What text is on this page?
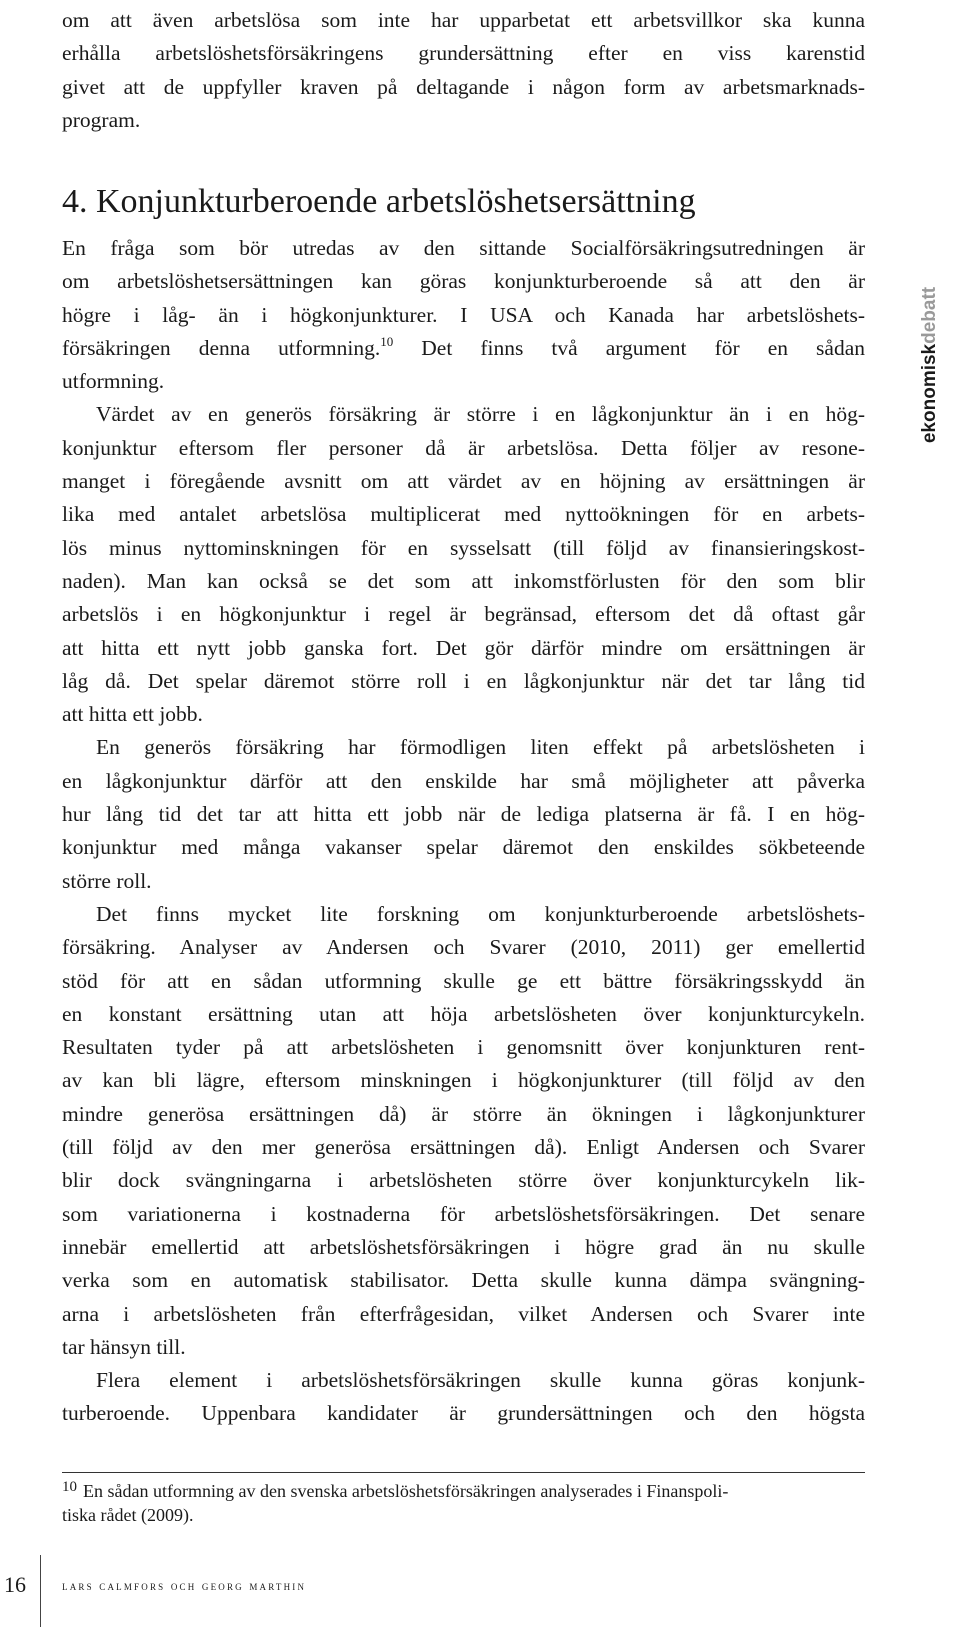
om att även arbetslösa som inte har upparbetat ett arbetsvillkor ska kunna
erhålla arbetslöshetsförsäkringens grundersättning efter en viss karenstid
givet att de uppfyller kraven på deltagande i någon form av arbetsmarknads-
program.
4. Konjunkturberoende arbetslöshetsersättning
En fråga som bör utredas av den sittande Socialförsäkringsutredningen är
om arbetslöshetsersättningen kan göras konjunkturberoende så att den är
högre i låg- än i högkonjunkturer. I USA och Kanada har arbetslöshets-
försäkringen denna utformning.$^{10}$ Det finns två argument för en sådan
utformning.
Värdet av en generös försäkring är större i en lågkonjunktur än i en hög-
konjunktur eftersom fler personer då är arbetslösa. Detta följer av resone-
manget i föregående avsnitt om att värdet av en höjning av ersättningen är
lika med antalet arbetslösa multiplicerat med nyttoökningen för en arbets-
lös minus nyttominskningen för en sysselsatt (till följd av finansieringskost-
naden). Man kan också se det som att inkomstförlusten för den som blir
arbetslös i en högkonjunktur i regel är begränsad, eftersom det då oftast går
att hitta ett nytt jobb ganska fort. Det gör därför mindre om ersättningen är
låg då. Det spelar däremot större roll i en lågkonjunktur när det tar lång tid
att hitta ett jobb.
En generös försäkring har förmodligen liten effekt på arbetslösheten i
en lågkonjunktur därför att den enskilde har små möjligheter att påverka
hur lång tid det tar att hitta ett jobb när de lediga platserna är få. I en hög-
konjunktur med många vakanser spelar däremot den enskildes sökbeteende
större roll.
Det finns mycket lite forskning om konjunkturberoende arbetslöshets-
försäkring. Analyser av Andersen och Svarer (2010, 2011) ger emellertid
stöd för att en sådan utformning skulle ge ett bättre försäkringsskydd än
en konstant ersättning utan att höja arbetslösheten över konjunkturcykeln.
Resultaten tyder på att arbetslösheten i genomsnitt över konjunkturen rent-
av kan bli lägre, eftersom minskningen i högkonjunkturer (till följd av den
mindre generösa ersättningen då) är större än ökningen i lågkonjunkturer
(till följd av den mer generösa ersättningen då). Enligt Andersen och Svarer
blir dock svängningarna i arbetslösheten större över konjunkturcykeln lik-
som variationerna i kostnaderna för arbetslöshetsförsäkringen. Det senare
innebär emellertid att arbetslöshetsförsäkringen i högre grad än nu skulle
verka som en automatisk stabilisator. Detta skulle kunna dämpa svängning-
arna i arbetslösheten från efterfrågesidan, vilket Andersen och Svarer inte
tar hänsyn till.
Flera element i arbetslöshetsförsäkringen skulle kunna göras konjunk-
turberoende. Uppenbara kandidater är grundersättningen och den högsta
$^{10}$ En sådan utformning av den svenska arbetslöshetsförsäkringen analyserades i Finanspoli-
tiska rådet (2009).
16	lars calmfors och georg marthin
ekonomiskdebatt
